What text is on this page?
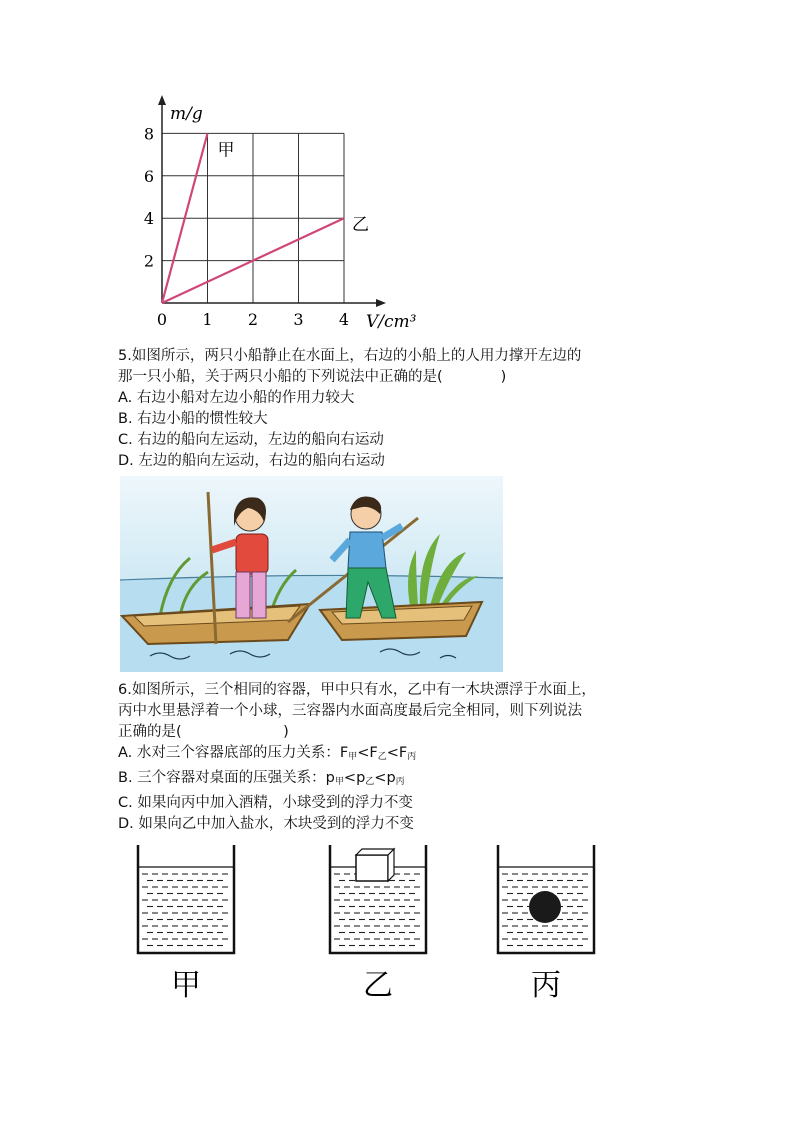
0 1 2 3 4
2
4
6
8
甲
乙
m/g
V/cm³
5.如图所示，两只小船静止在水面上，右边的小船上的人用力撑开左边的
那一只小船，关于两只小船的下列说法中正确的是(　　　　)
A. 右边小船对左边小船的作用力较大
B. 右边小船的惯性较大
C. 右边的船向左运动，左边的船向右运动
D. 左边的船向左运动，右边的船向右运动
6.如图所示，三个相同的容器，甲中只有水，乙中有一木块漂浮于水面上，
丙中水里悬浮着一个小球，三容器内水面高度最后完全相同，则下列说法
正确的是(　　　　　　　)
A. 水对三个容器底部的压力关系：$F_甲<F_乙<F_丙$
B. 三个容器对桌面的压强关系：$p_甲<p_乙<p_丙$
C. 如果向丙中加入酒精，小球受到的浮力不变
D. 如果向乙中加入盐水，木块受到的浮力不变
甲	乙	丙
